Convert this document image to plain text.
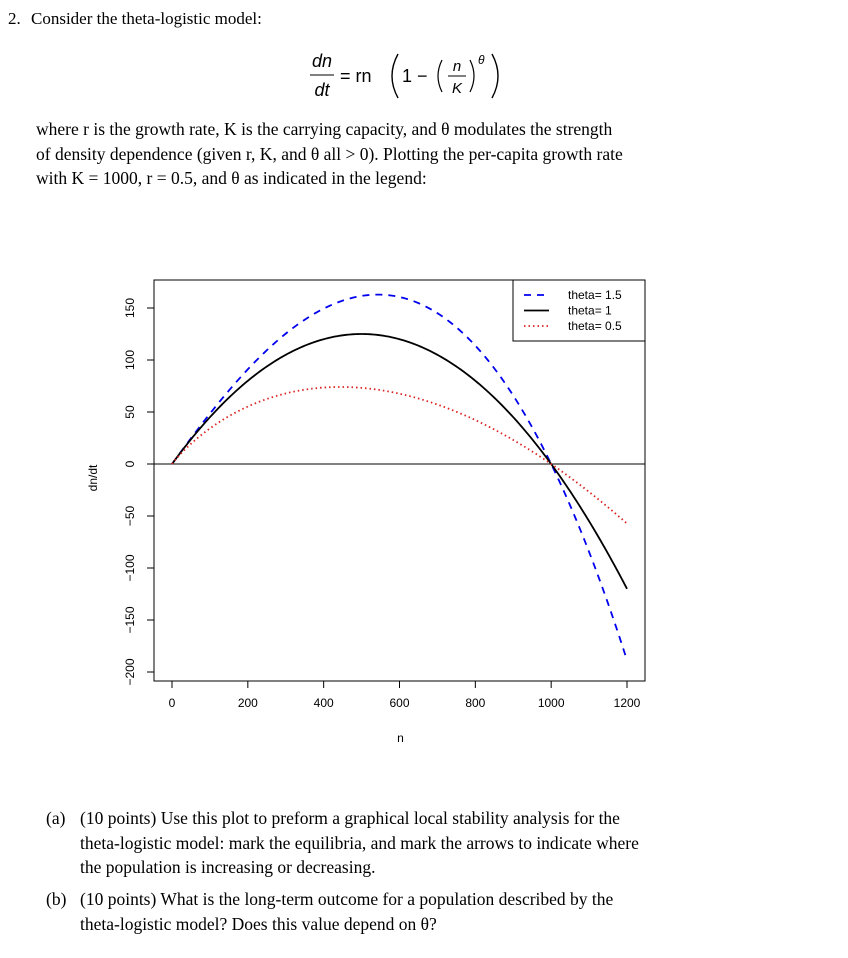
2. Consider the theta-logistic model:
dn
dt
= rn 1 − n
K
θ
where r is the growth rate, K is the carrying capacity, and θ modulates the strength
of density dependence (given r, K, and θ all > 0). Plotting the per-capita growth rate
with K = 1000, r = 0.5, and θ as indicated in the legend:
0	200	400	600	800	1000	1200
−200
−150
−100
−50
0
50
100
150
n
dn/dt
theta= 1.5
theta= 1
theta= 0.5
(a) (10 points) Use this plot to preform a graphical local stability analysis for the
theta-logistic model: mark the equilibria, and mark the arrows to indicate where
the population is increasing or decreasing.
(b) (10 points) What is the long-term outcome for a population described by the
theta-logistic model? Does this value depend on θ?
